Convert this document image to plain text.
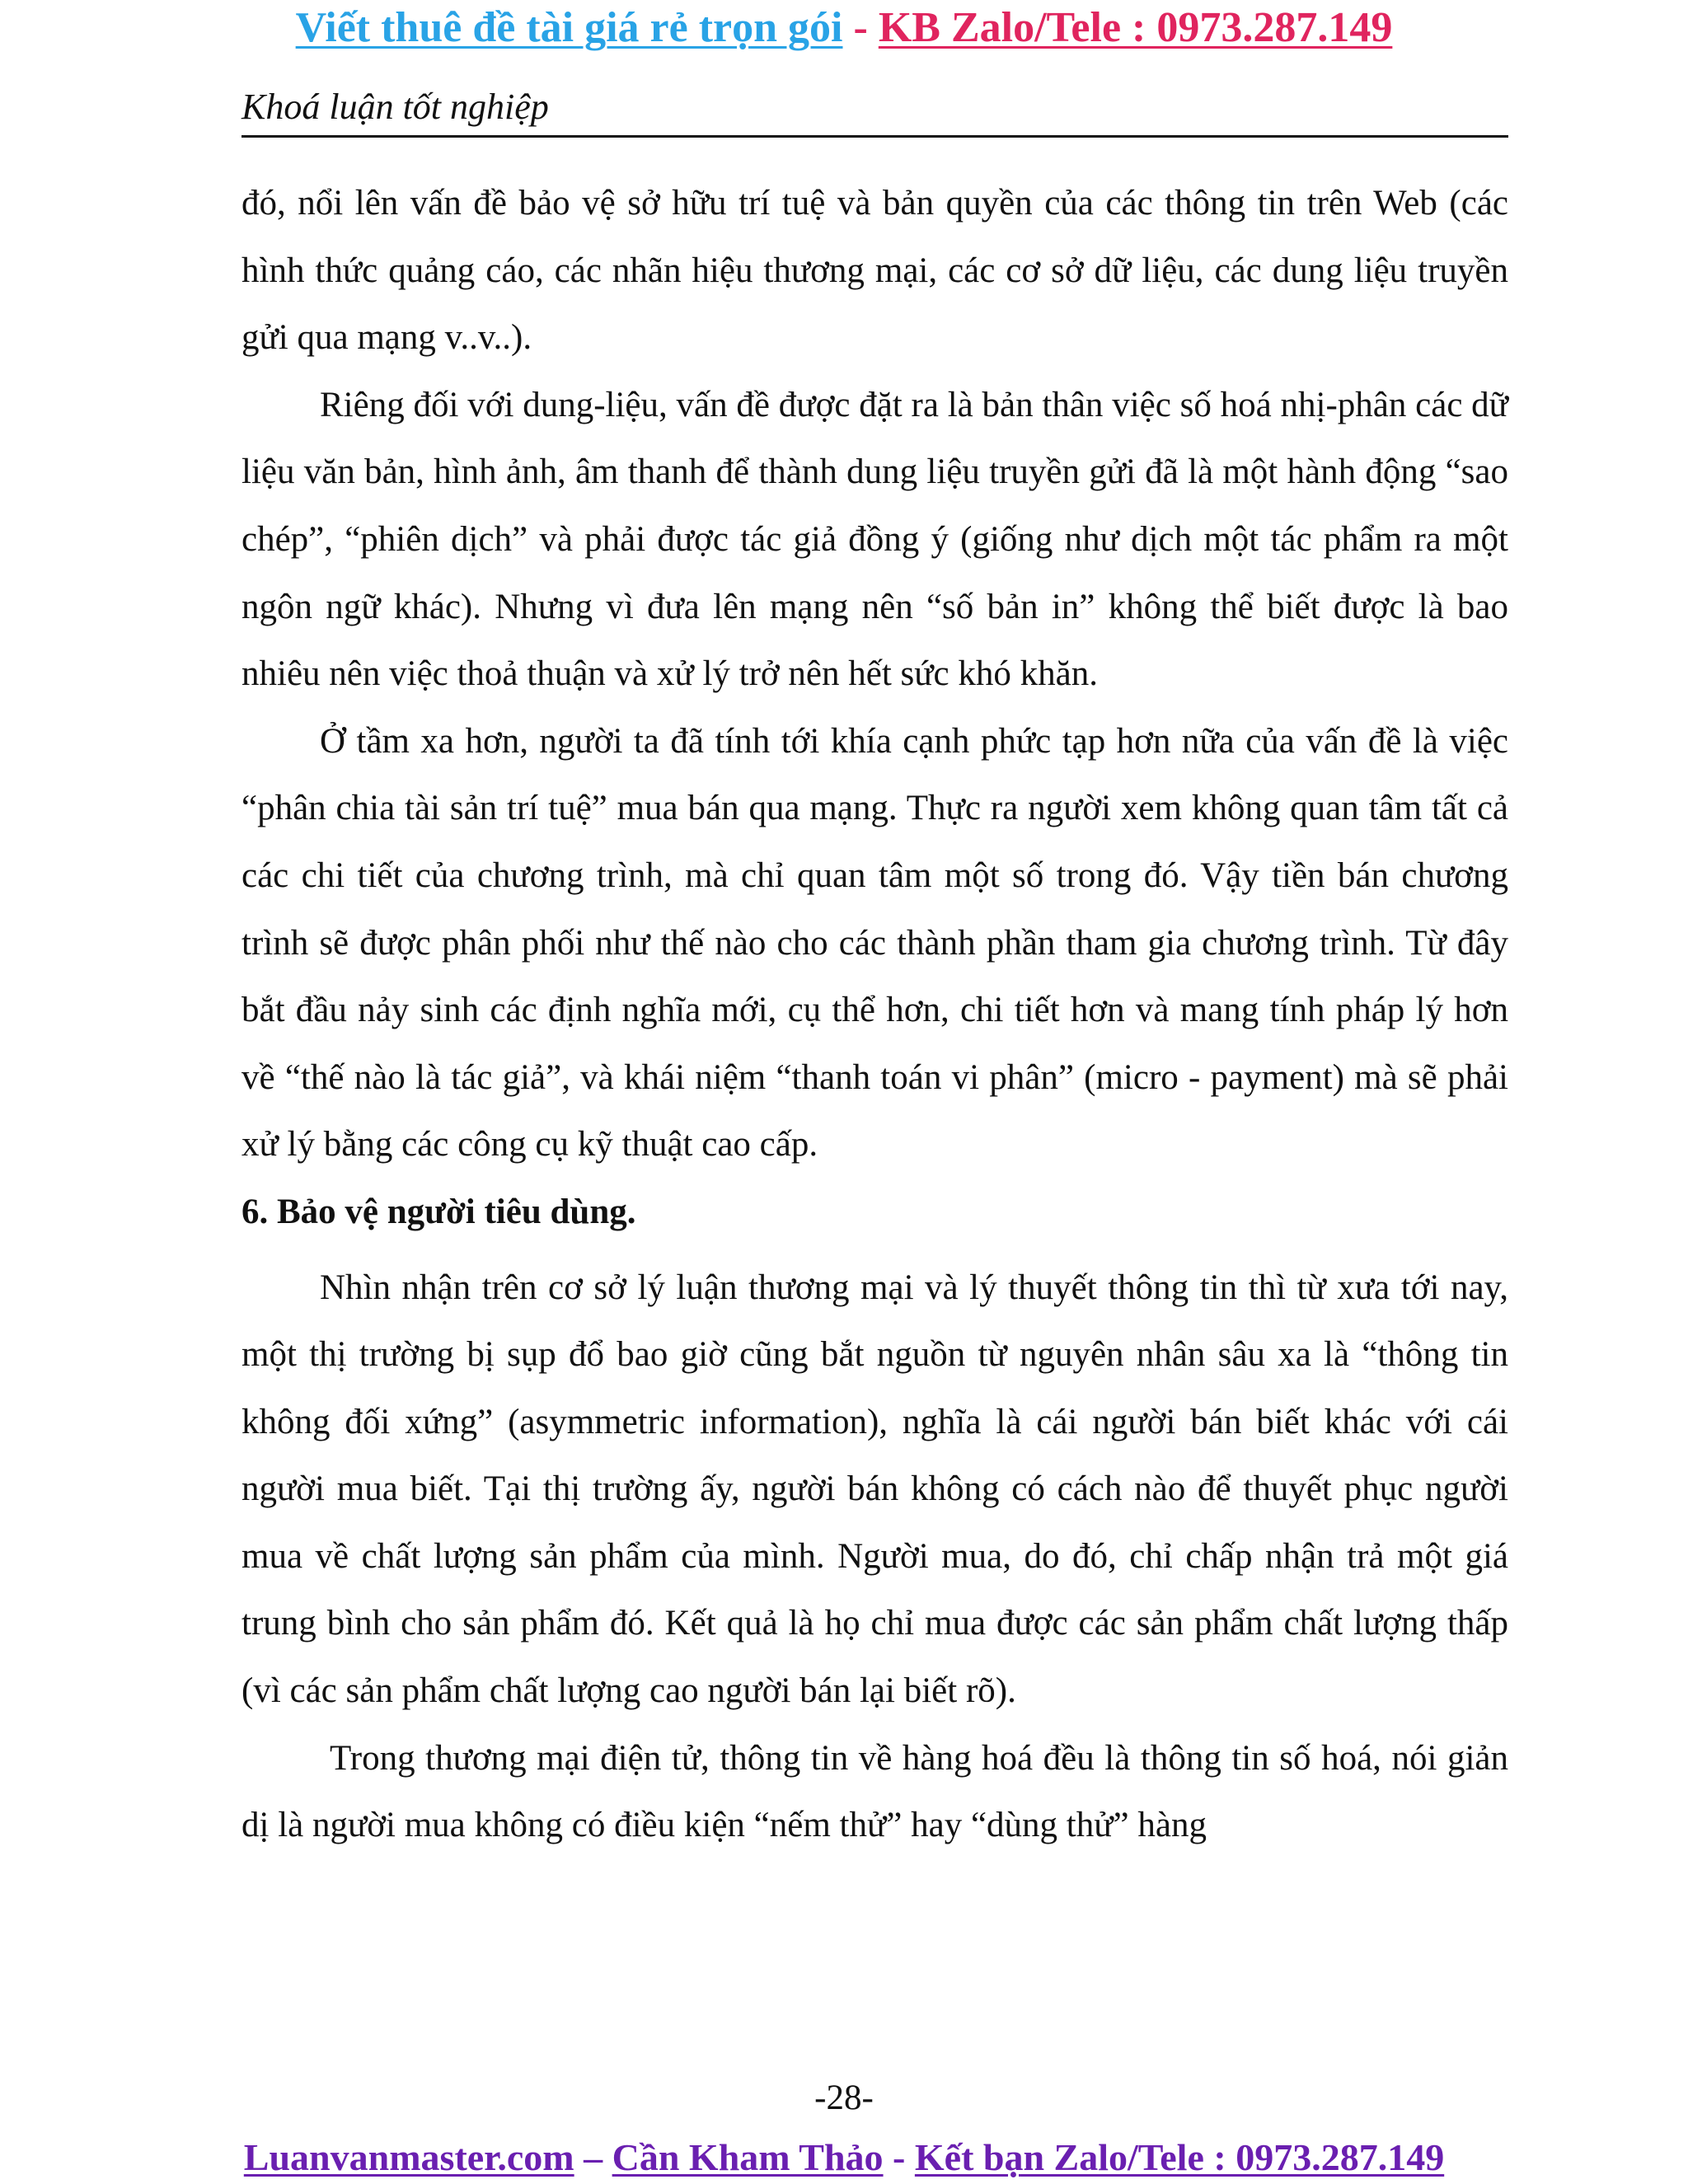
Viết thuê đề tài giá rẻ trọn gói - KB Zalo/Tele : 0973.287.149
Khoá luận tốt nghiệp

đó, nổi lên vấn đề bảo vệ sở hữu trí tuệ và bản quyền của các thông tin trên Web (các hình thức quảng cáo, các nhãn hiệu thương mại, các cơ sở dữ liệu, các dung liệu truyền gửi qua mạng v..v..).

Riêng đối với dung-liệu, vấn đề được đặt ra là bản thân việc số hoá nhị-phân các dữ liệu văn bản, hình ảnh, âm thanh để thành dung liệu truyền gửi đã là một hành động “sao chép”, “phiên dịch” và phải được tác giả đồng ý (giống như dịch một tác phẩm ra một ngôn ngữ khác). Nhưng vì đưa lên mạng nên “số bản in” không thể biết được là bao nhiêu nên việc thoả thuận và xử lý trở nên hết sức khó khăn.

Ở tầm xa hơn, người ta đã tính tới khía cạnh phức tạp hơn nữa của vấn đề là việc “phân chia tài sản trí tuệ” mua bán qua mạng. Thực ra người xem không quan tâm tất cả các chi tiết của chương trình, mà chỉ quan tâm một số trong đó. Vậy tiền bán chương trình sẽ được phân phối như thế nào cho các thành phần tham gia chương trình. Từ đây bắt đầu nảy sinh các định nghĩa mới, cụ thể hơn, chi tiết hơn và mang tính pháp lý hơn về “thế nào là tác giả”, và khái niệm “thanh toán vi phân” (micro - payment) mà sẽ phải xử lý bằng các công cụ kỹ thuật cao cấp.

6. Bảo vệ người tiêu dùng.

Nhìn nhận trên cơ sở lý luận thương mại và lý thuyết thông tin thì từ xưa tới nay, một thị trường bị sụp đổ bao giờ cũng bắt nguồn từ nguyên nhân sâu xa là “thông tin không đối xứng” (asymmetric information), nghĩa là cái người bán biết khác với cái người mua biết. Tại thị trường ấy, người bán không có cách nào để thuyết phục người mua về chất lượng sản phẩm của mình. Người mua, do đó, chỉ chấp nhận trả một giá trung bình cho sản phẩm đó. Kết quả là họ chỉ mua được các sản phẩm chất lượng thấp (vì các sản phẩm chất lượng cao người bán lại biết rõ).

Trong thương mại điện tử, thông tin về hàng hoá đều là thông tin số hoá, nói giản dị là người mua không có điều kiện “nếm thử” hay “dùng thử” hàng

-28-
Luanvanmaster.com – Cần Kham Thảo - Kết bạn Zalo/Tele : 0973.287.149
